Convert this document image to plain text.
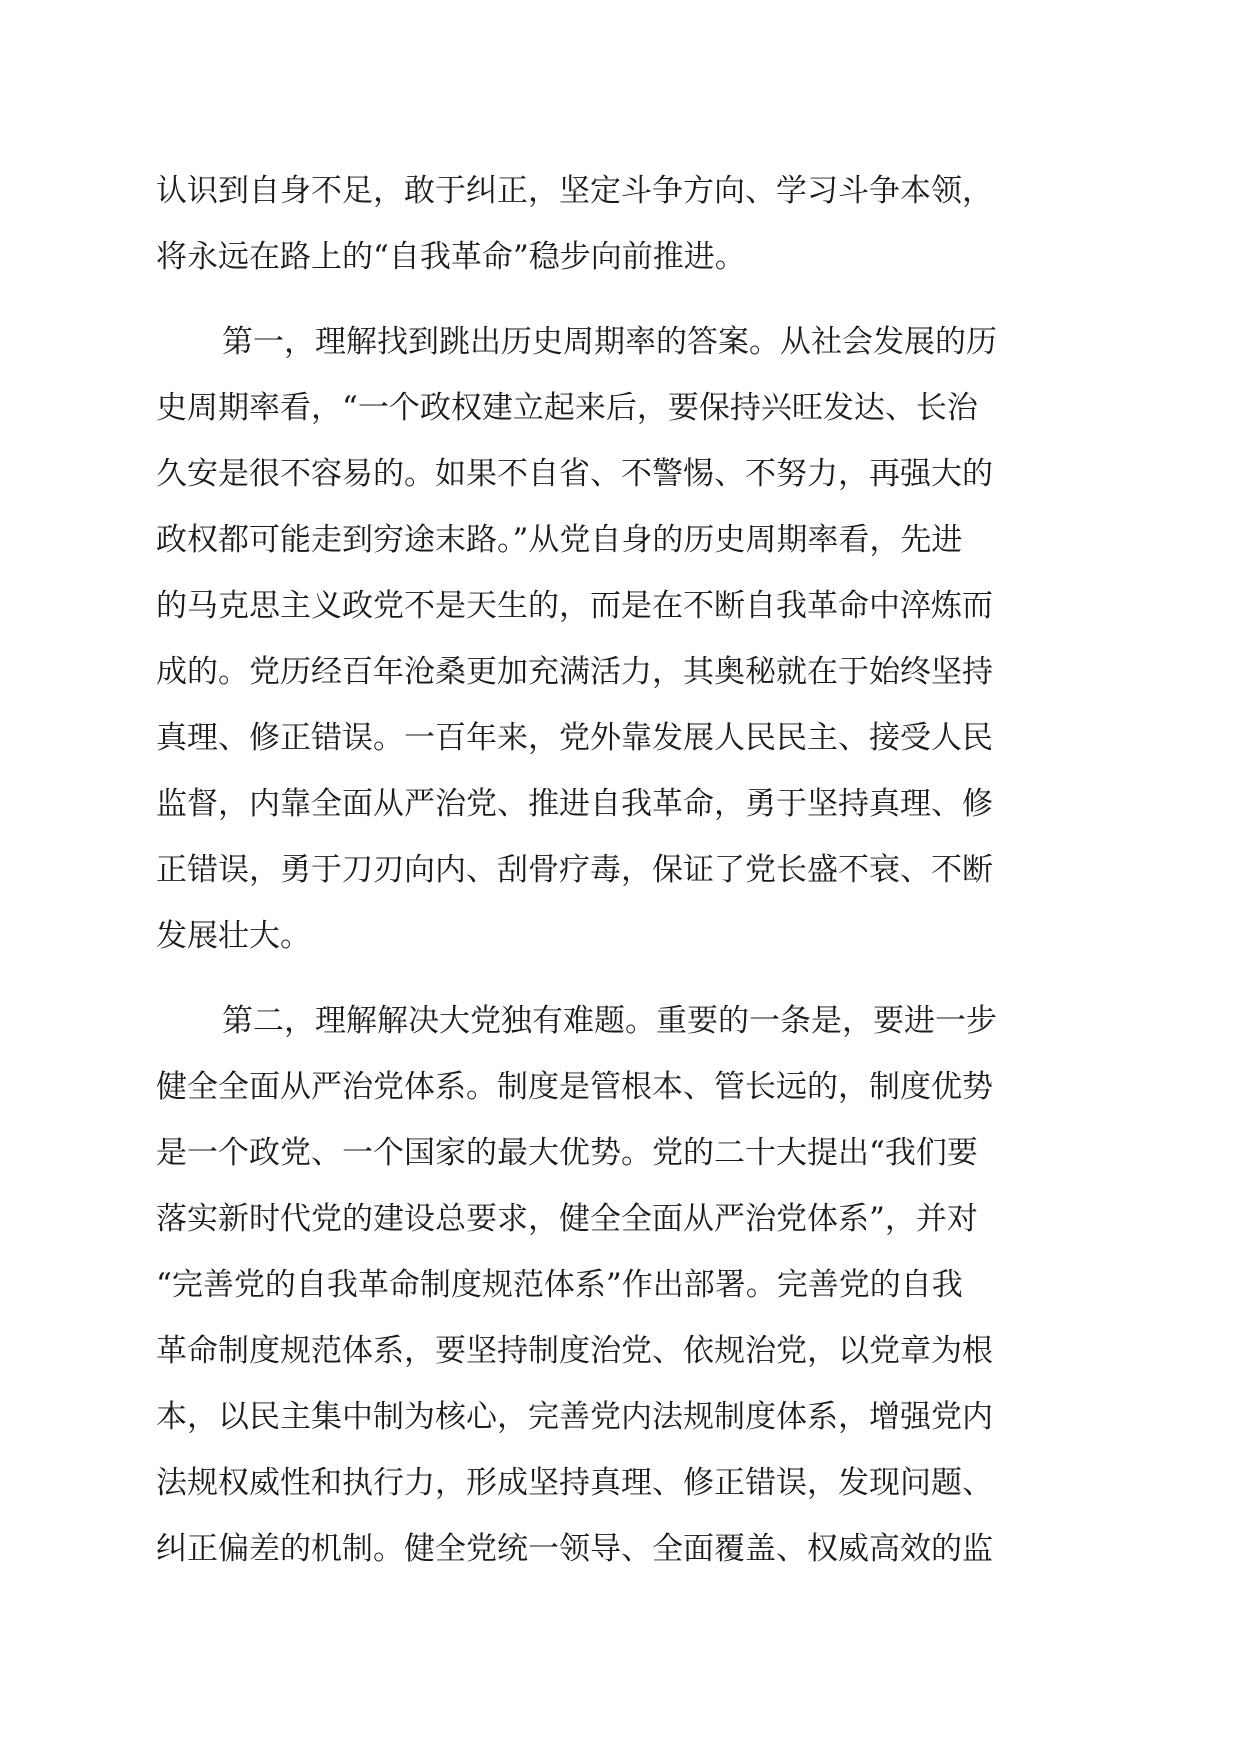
认识到自身不足，敢于纠正，坚定斗争方向、学习斗争本领，
将永远在路上的“自我革命”稳步向前推进。
第一，理解找到跳出历史周期率的答案。从社会发展的历
史周期率看，“一个政权建立起来后，要保持兴旺发达、长治
久安是很不容易的。如果不自省、不警惕、不努力，再强大的
政权都可能走到穷途末路。”从党自身的历史周期率看，先进
的马克思主义政党不是天生的，而是在不断自我革命中淬炼而
成的。党历经百年沧桑更加充满活力，其奥秘就在于始终坚持
真理、修正错误。一百年来，党外靠发展人民民主、接受人民
监督，内靠全面从严治党、推进自我革命，勇于坚持真理、修
正错误，勇于刀刃向内、刮骨疗毒，保证了党长盛不衰、不断
发展壮大。
第二，理解解决大党独有难题。重要的一条是，要进一步
健全全面从严治党体系。制度是管根本、管长远的，制度优势
是一个政党、一个国家的最大优势。党的二十大提出“我们要
落实新时代党的建设总要求，健全全面从严治党体系”，并对
“完善党的自我革命制度规范体系”作出部署。完善党的自我
革命制度规范体系，要坚持制度治党、依规治党，以党章为根
本，以民主集中制为核心，完善党内法规制度体系，增强党内
法规权威性和执行力，形成坚持真理、修正错误，发现问题、
纠正偏差的机制。健全党统一领导、全面覆盖、权威高效的监
